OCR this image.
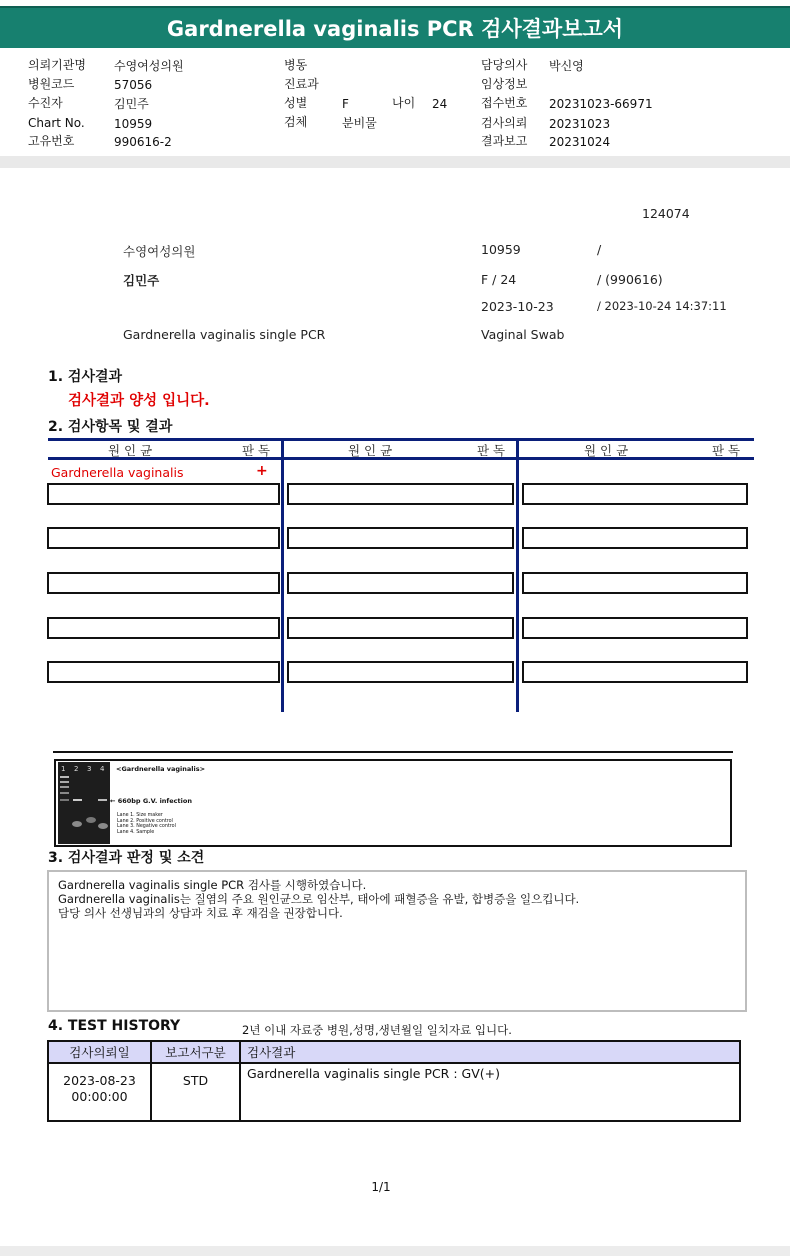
Gardnerella vaginalis PCR 검사결과보고서
의뢰기관명 수영여성의원
병원코드	57056
수진자	김민주
Chart No. 10959
고유번호	990616-2
병동
진료과
성별	F	나이 24
검체	분비물
담당의사 박신영
임상정보
접수번호 20231023-66971
검사의뢰 20231023
결과보고 20231024
124074
수영여성의원	10959	/
김민주	F / 24	/ (990616)
2023-10-23	/ 2023-10-24 14:37:11
Gardnerella vaginalis single PCR	Vaginal Swab
1. 검사결과
검사결과 양성 입니다.
2. 검사항목 및 결과
원 인 균	판 독	원 인 균	판 독	원 인 균	판 독
Gardnerella vaginalis	+
1 2 3 4 <Gardnerella vaginalis>
← 660bp G.V. infection
Lane 1. Size maker
Lane 2. Positive control
Lane 3. Negative control
Lane 4. Sample
3. 검사결과 판정 및 소견
Gardnerella vaginalis single PCR 검사를 시행하였습니다.
Gardnerella vaginalis는 질염의 주요 원인균으로 임산부, 태아에 패혈증을 유발, 합병증을 일으킵니다.
담당 의사 선생님과의 상담과 치료 후 재검을 권장합니다.
4. TEST HISTORY	2년 이내 자료중 병원,성명,생년월일 일치자료 입니다.
검사의뢰일	보고서구분	검사결과

2023-08-23
00:00:00	STD	Gardnerella vaginalis single PCR : GV(+)
1/1
